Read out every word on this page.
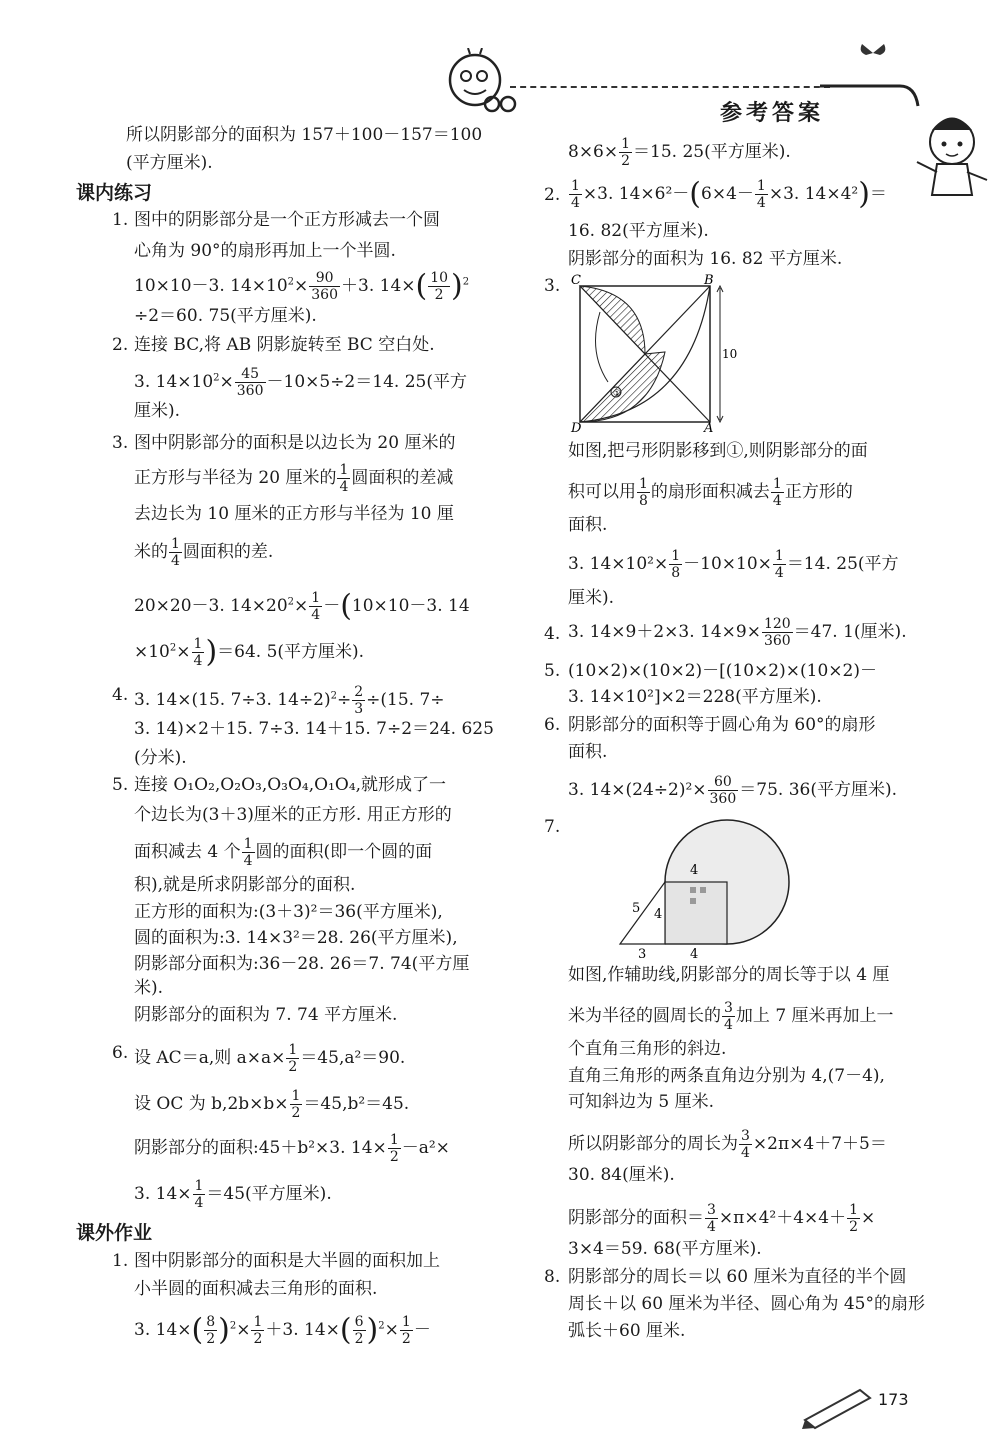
参考答案
所以阴影部分的面积为 157＋100－157＝100
(平方厘米).
课内练习
1. 图中的阴影部分是一个正方形减去一个圆
心角为 90°的扇形再加上一个半圆.
10×10－3. $14\times 10^2\times \frac{90}{360} +3$. $14\times( \frac{10}{2} )^2$
÷2＝60. 75(平方厘米).
2. 连接 BC,将 AB 阴影旋转至 BC 空白处.
3. $14\times 10^2\times \frac{45}{360} -10\times 5\div 2=14$. 25(平方
厘米).
3. 图中阴影部分的面积是以边长为 20 厘米的
正方形与半径为 20 厘米的 $\frac{1}{4}$ 圆面积的差减
去边长为 10 厘米的正方形与半径为 10 厘
米的 $\frac{1}{4}$ 圆面积的差.
20×20－3. $14\times 20^2\times \frac{1}{4} -(10\times 10-3$. 14
$\times 10^2\times \frac{1}{4} )=64$. 5(平方厘米).
4. 3. 14×(15. 7÷3. $14\div 2)^2\div \frac{2}{3} \div(15$. 7÷
3. 14)×2＋15. 7÷3. 14＋15. 7÷2＝24. 625
(分米).
5. 连接 O₁O₂,O₂O₃,O₃O₄,O₁O₄,就形成了一
个边长为(3＋3)厘米的正方形. 用正方形的
面积减去 4 个 $\frac{1}{4}$ 圆的面积(即一个圆的面
积),就是所求阴影部分的面积.
正方形的面积为:(3＋3)²＝36(平方厘米),
圆的面积为:3. 14×3²＝28. 26(平方厘米),
阴影部分面积为:36－28. 26＝7. 74(平方厘
米).
阴影部分的面积为 7. 74 平方厘米.
6. 设 AC＝a,则 $a\times a\times \frac{1}{2} =45,a^2=90$.
设 OC 为 $b,2b\times b\times \frac{1}{2} =45,b^2=45$.
阴影部分的面积:45＋b²×3. $14\times \frac{1}{2} -a^2\times$
3. $14\times \frac{1}{4} =45$(平方厘米).
课外作业
1. 图中阴影部分的面积是大半圆的面积加上
小半圆的面积减去三角形的面积.
3. $14\times( \frac{8}{2} )^2\times \frac{1}{2} +3$. $14\times( \frac{6}{2} )^2\times \frac{1}{2}$ －
$8\times 6\times \frac{1}{2} =15$. 25(平方厘米).
2. $\frac{1}{4} \times 3$. $14\times 6^2-(6\times 4- \frac{1}{4} \times 3$. 14×4²)＝
16. 82(平方厘米).
阴影部分的面积为 16. 82 平方厘米.
3.
①
C	B
D	A
10
如图,把弓形阴影移到①,则阴影部分的面
积可以用 $\frac{1}{8}$ 的扇形面积减去 $\frac{1}{4}$ 正方形的
面积.
3. $14\times 10^2\times \frac{1}{8} -10\times 10\times \frac{1}{4} =14$. 25(平方
厘米).
4. 3. 14×9＋2×3. $14\times 9\times \frac{120}{360} =47$. 1(厘米).
5. (10×2)×(10×2)－[(10×2)×(10×2)－
3. 14×10²]×2＝228(平方厘米).
6. 阴影部分的面积等于圆心角为 60°的扇形
面积.
3. $14\times(24\div 2)^2\times \frac{60}{360} =75$. 36(平方厘米).
7.
4
5 4
3	4
如图,作辅助线,阴影部分的周长等于以 4 厘
米为半径的圆周长的 $\frac{3}{4}$ 加上 7 厘米再加上一
个直角三角形的斜边.
直角三角形的两条直角边分别为 4,(7－4),
可知斜边为 5 厘米.
所以阴影部分的周长为 $\frac{3}{4} \times 2\pi\times 4+7+5=$
30. 84(厘米).
阴影部分的面积＝ $\frac{3}{4} \times\pi\times 4^2+4\times 4+ \frac{1}{2}$ ×
3×4＝59. 68(平方厘米).
8. 阴影部分的周长＝以 60 厘米为直径的半个圆
周长＋以 60 厘米为半径、圆心角为 45°的扇形
弧长＋60 厘米.
173
